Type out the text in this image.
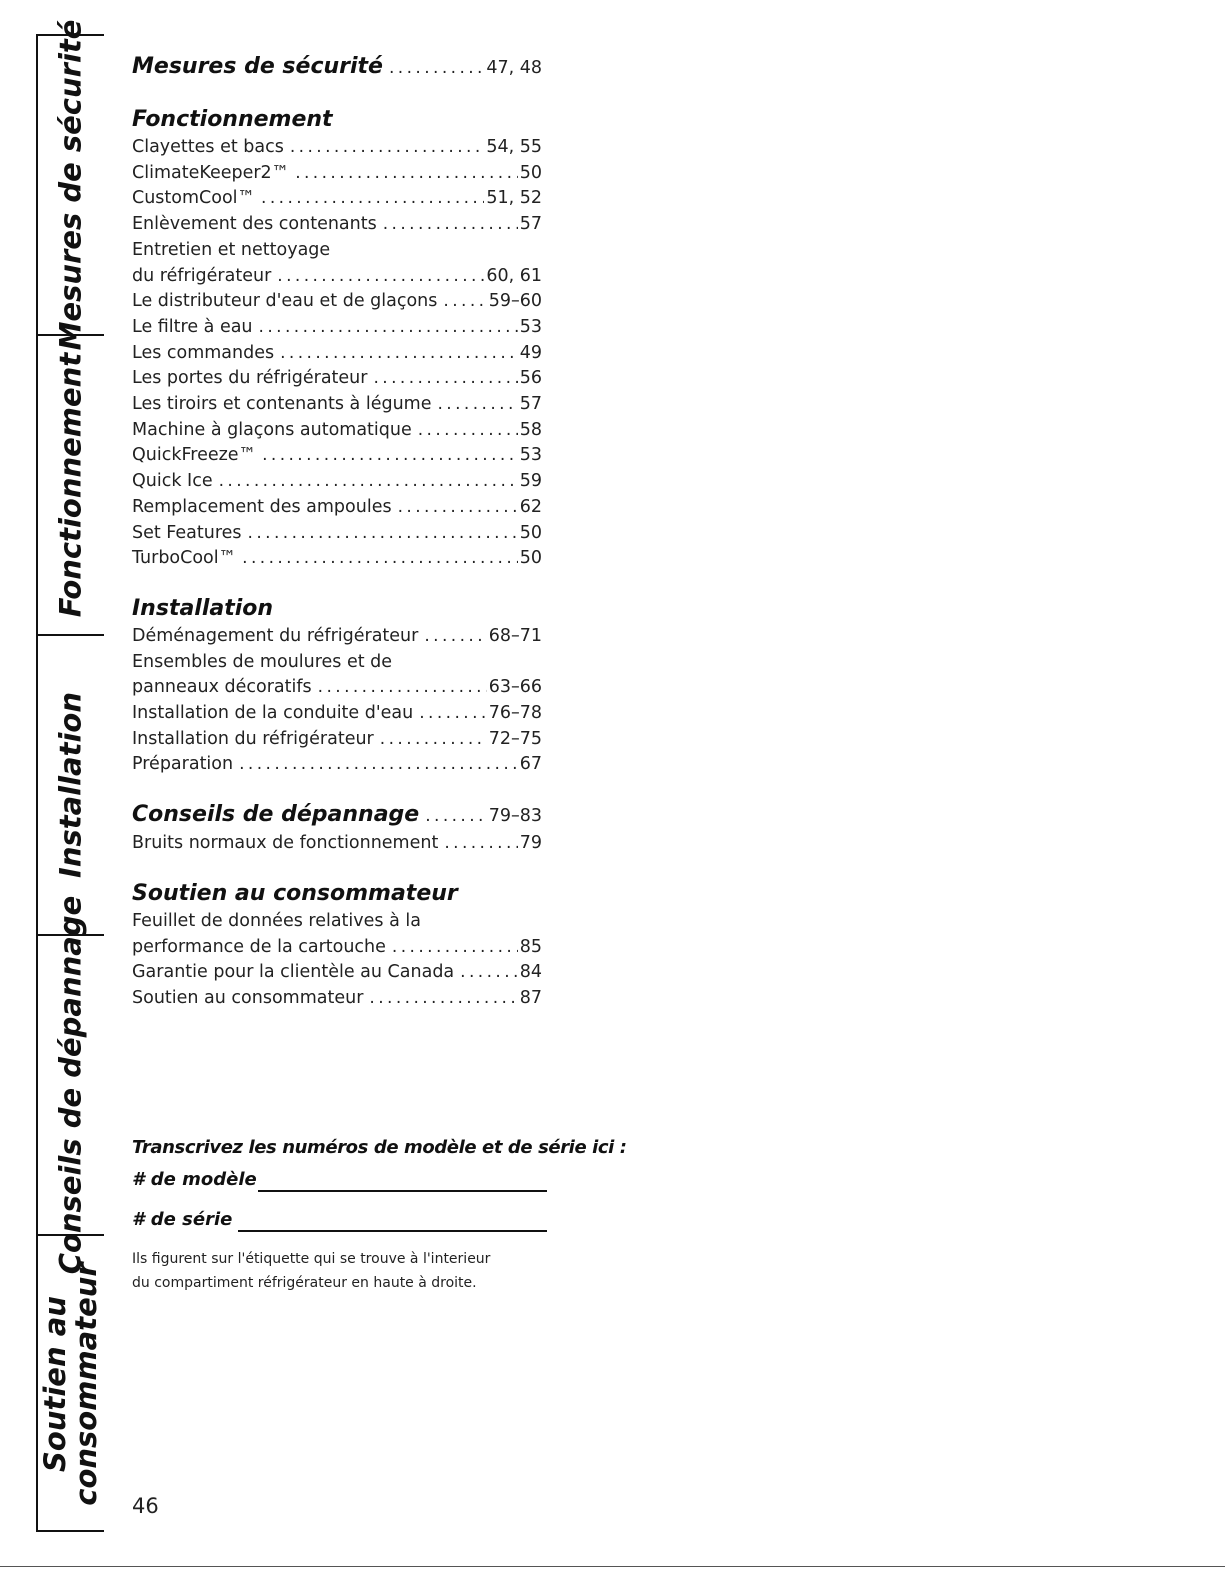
Mesures de sécurité
Fonctionnement
Installation
Conseils de dépannage
Soutien au
consommateur
Mesures de sécurité . . .	47, 48
Fonctionnement
Clayettes et bacs . . .	54, 55
ClimateKeeper2™ . . .	50
CustomCool™ . . .	51, 52
Enlèvement des contenants . . .	57
Entretien et nettoyage
du réfrigérateur . . .	60, 61
Le distributeur d'eau et de glaçons . . .	59–60
Le filtre à eau . . .	53
Les commandes . . .	49
Les portes du réfrigérateur . . .	56
Les tiroirs et contenants à légume . . .	57
Machine à glaçons automatique . . .	58
QuickFreeze™ . . .	53
Quick Ice . . .	59
Remplacement des ampoules . . .	62
Set Features . . .	50
TurboCool™ . . .	50
Installation
Déménagement du réfrigérateur . . .	68–71
Ensembles de moulures et de
panneaux décoratifs . . .	63–66
Installation de la conduite d'eau . . .	76–78
Installation du réfrigérateur . . .	72–75
Préparation . . .	67
Conseils de dépannage . . .	79–83
Bruits normaux de fonctionnement . . .	79
Soutien au consommateur
Feuillet de données relatives à la
performance de la cartouche . . .	85
Garantie pour la clientèle au Canada . . .	84
Soutien au consommateur . . .	87
Transcrivez les numéros de modèle et de série ici :
# de modèle
# de série
Ils figurent sur l'étiquette qui se trouve à l'interieur
du compartiment réfrigérateur en haute à droite.
46
